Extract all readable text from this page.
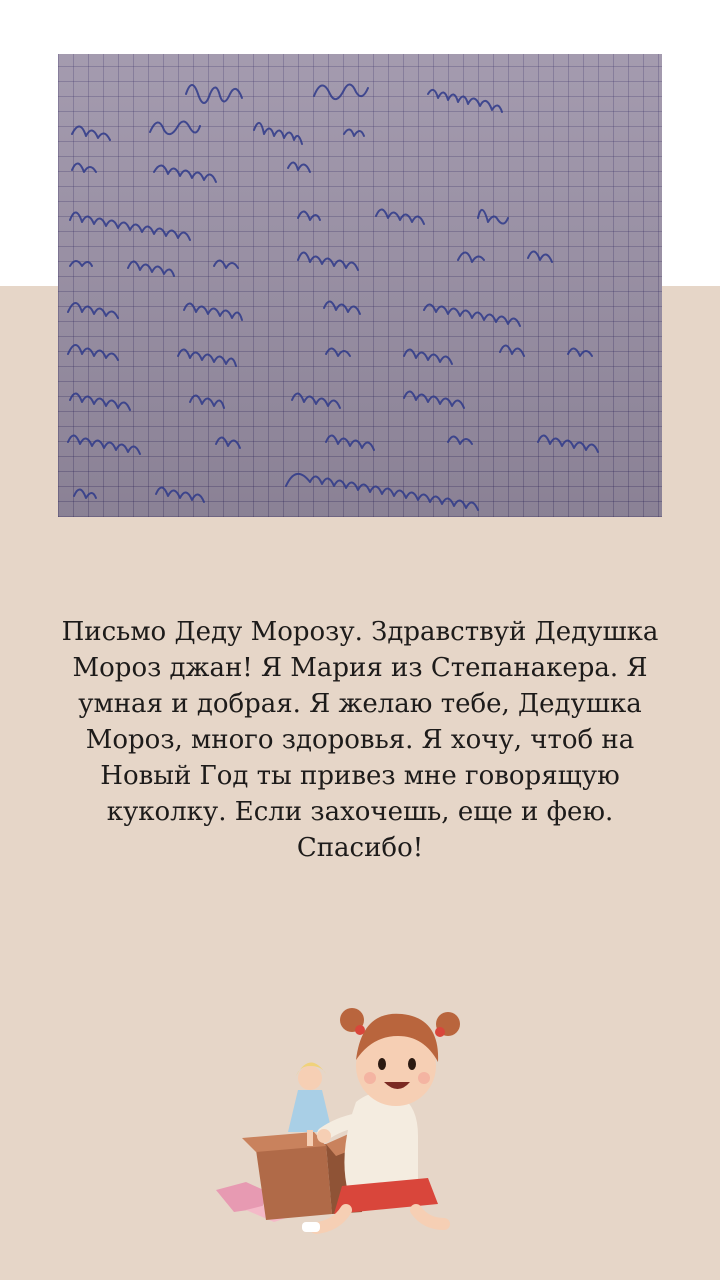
Письмо Деду Морозу. Здравствуй Дедушка Мороз джан! Я Мария из Степанакера. Я умная и добрая. Я желаю тебе, Дедушка Мороз, много здоровья. Я хочу, чтоб на Новый Год ты привез мне говорящую куколку. Если захочешь, еще и фею. Спасибо!
